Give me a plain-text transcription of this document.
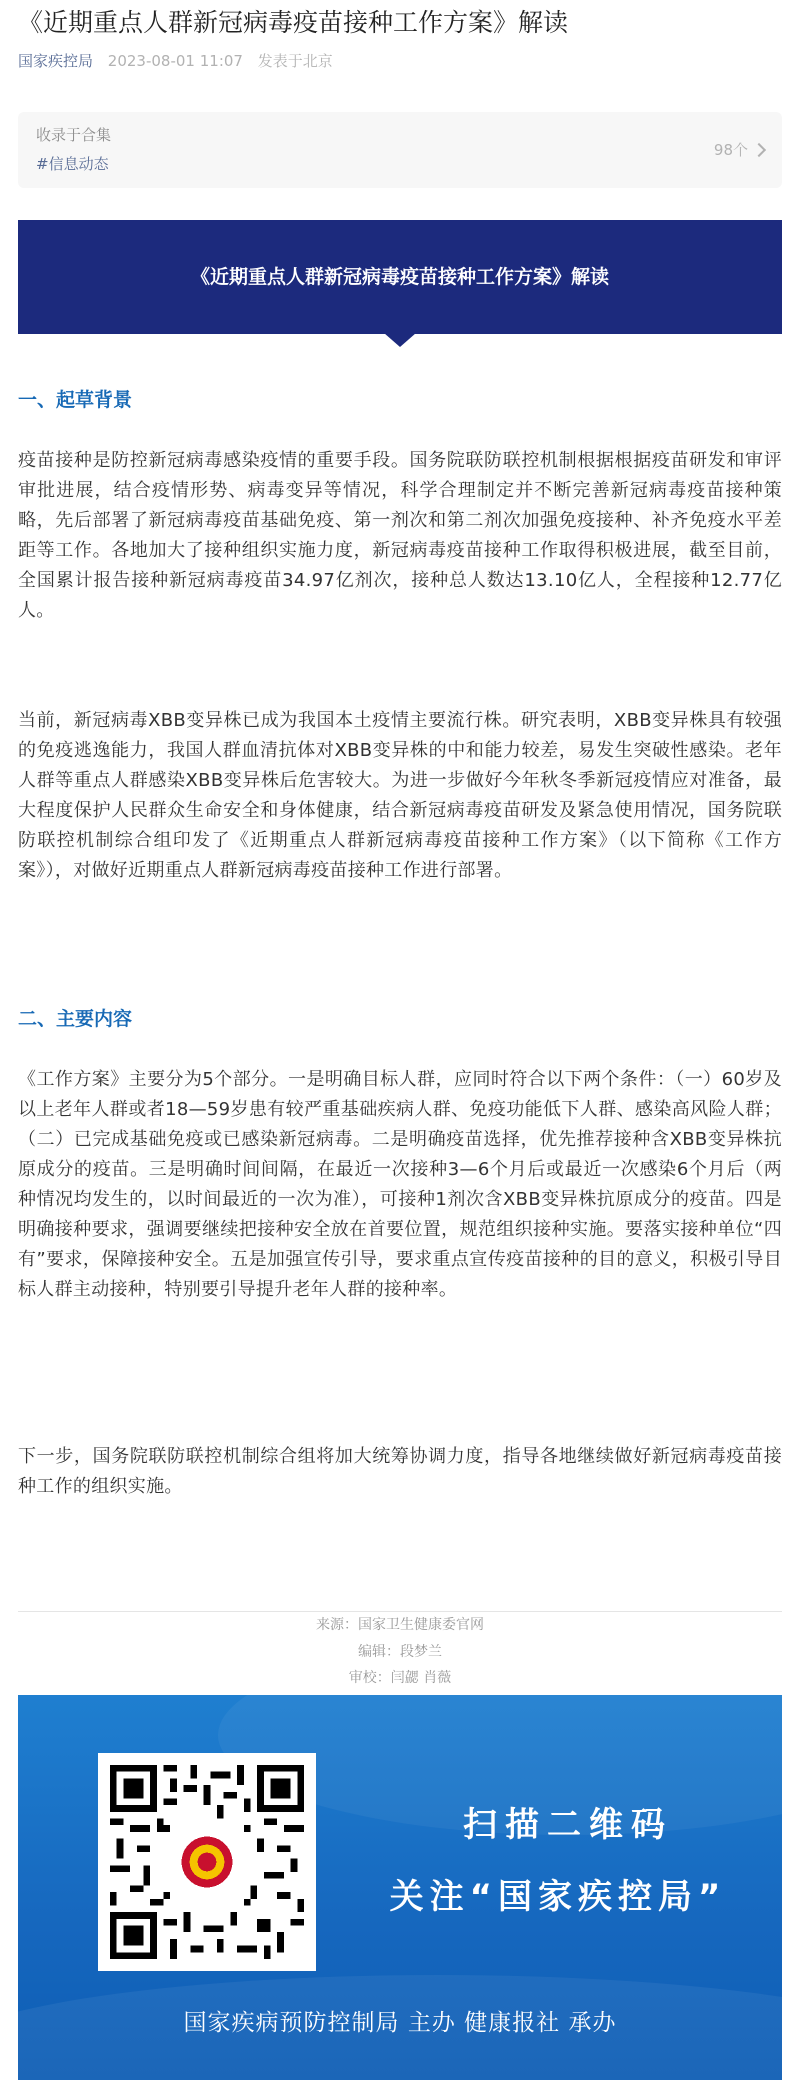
《近期重点人群新冠病毒疫苗接种工作方案》解读
国家疾控局 2023-08-01 11:07 发表于北京
收录于合集
#信息动态
98个
《近期重点人群新冠病毒疫苗接种工作方案》解读
一、起草背景

疫苗接种是防控新冠病毒感染疫情的重要手段。国务院联防联控机制根据根据疫苗研发和审评审批进展，结合疫情形势、病毒变异等情况，科学合理制定并不断完善新冠病毒疫苗接种策略，先后部署了新冠病毒疫苗基础免疫、第一剂次和第二剂次加强免疫接种、补齐免疫水平差距等工作。各地加大了接种组织实施力度，新冠病毒疫苗接种工作取得积极进展，截至目前，全国累计报告接种新冠病毒疫苗34.97亿剂次，接种总人数达13.10亿人，全程接种12.77亿人。

当前，新冠病毒XBB变异株已成为我国本土疫情主要流行株。研究表明，XBB变异株具有较强的免疫逃逸能力，我国人群血清抗体对XBB变异株的中和能力较差，易发生突破性感染。老年人群等重点人群感染XBB变异株后危害较大。为进一步做好今年秋冬季新冠疫情应对准备，最大程度保护人民群众生命安全和身体健康，结合新冠病毒疫苗研发及紧急使用情况，国务院联防联控机制综合组印发了《近期重点人群新冠病毒疫苗接种工作方案》（以下简称《工作方案》），对做好近期重点人群新冠病毒疫苗接种工作进行部署。

二、主要内容

《工作方案》主要分为5个部分。一是明确目标人群，应同时符合以下两个条件：（一）60岁及以上老年人群或者18—59岁患有较严重基础疾病人群、免疫功能低下人群、感染高风险人群；（二）已完成基础免疫或已感染新冠病毒。二是明确疫苗选择，优先推荐接种含XBB变异株抗原成分的疫苗。三是明确时间间隔，在最近一次接种3—6个月后或最近一次感染6个月后（两种情况均发生的，以时间最近的一次为准），可接种1剂次含XBB变异株抗原成分的疫苗。四是明确接种要求，强调要继续把接种安全放在首要位置，规范组织接种实施。要落实接种单位“四有”要求，保障接种安全。五是加强宣传引导，要求重点宣传疫苗接种的目的意义，积极引导目标人群主动接种，特别要引导提升老年人群的接种率。

下一步，国务院联防联控机制综合组将加大统筹协调力度，指导各地继续做好新冠病毒疫苗接种工作的组织实施。

来源：国家卫生健康委官网
编辑：段梦兰
审校：闫勰 肖薇
扫描二维码
关注“国家疾控局”
国家疾病预防控制局 主办 健康报社 承办
